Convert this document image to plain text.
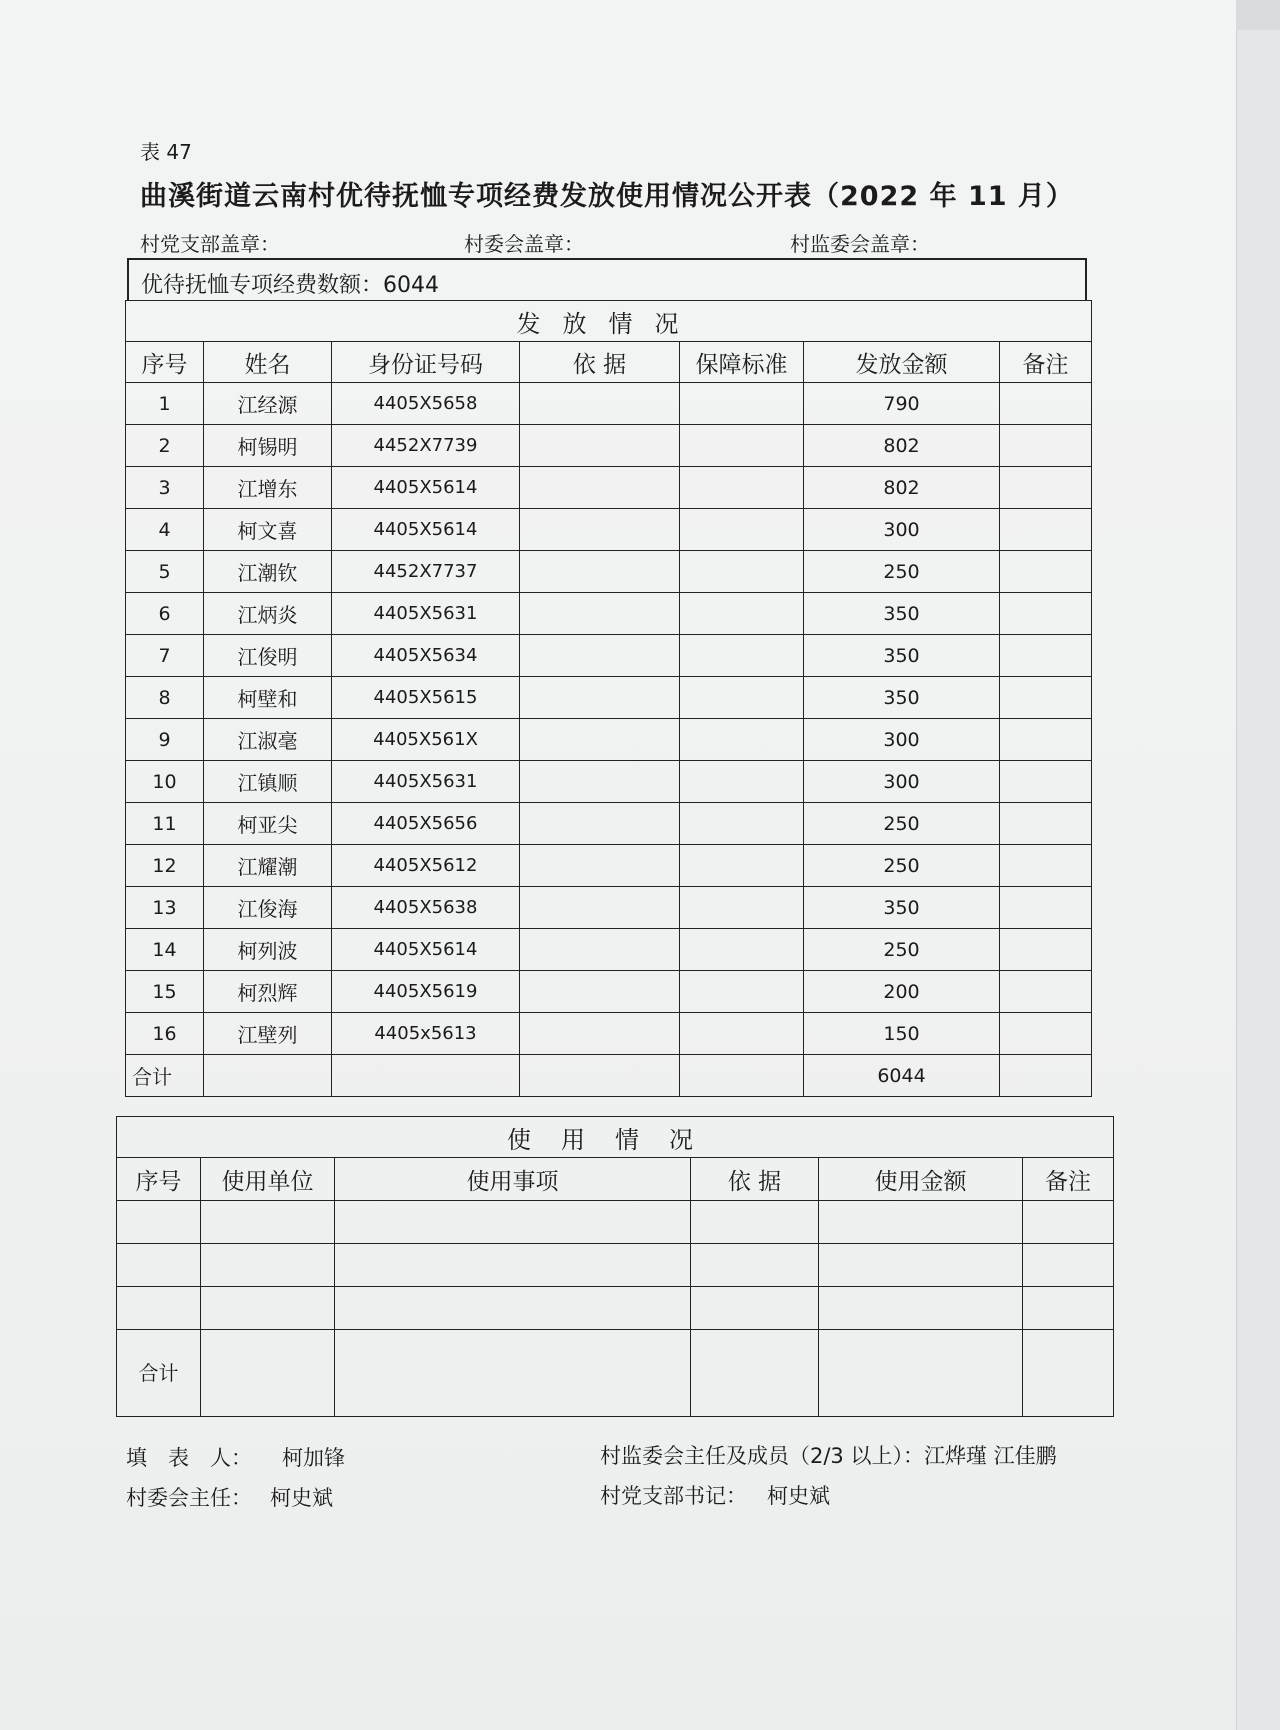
表 47
曲溪街道云南村优待抚恤专项经费发放使用情况公开表（2022 年 11 月）
村党支部盖章：	村委会盖章：	村监委会盖章：
优待抚恤专项经费数额：6044
发放情况						
序号	姓名	身份证号码	依 据	保障标准	发放金额	备注
1	江经源	4405X5658			790	
2	柯锡明	4452X7739			802	
3	江增东	4405X5614			802	
4	柯文喜	4405X5614			300	
5	江潮钦	4452X7737			250	
6	江炳炎	4405X5631			350	
7	江俊明	4405X5634			350	
8	柯壁和	4405X5615			350	
9	江淑毫	4405X561X			300	
10	江镇顺	4405X5631			300	
11	柯亚尖	4405X5656			250	
12	江耀潮	4405X5612			250	
13	江俊海	4405X5638			350	
14	柯列波	4405X5614			250	
15	柯烈辉	4405X5619			200	
16	江壁列	4405x5613			150	
合计					6044	
使用情况					
序号	使用单位	使用事项	依 据	使用金额	备注

合计					
填　表　人： 柯加锋
村委会主任： 柯史斌
村监委会主任及成员（2/3 以上）：江烨瑾 江佳鹏
村党支部书记： 柯史斌
